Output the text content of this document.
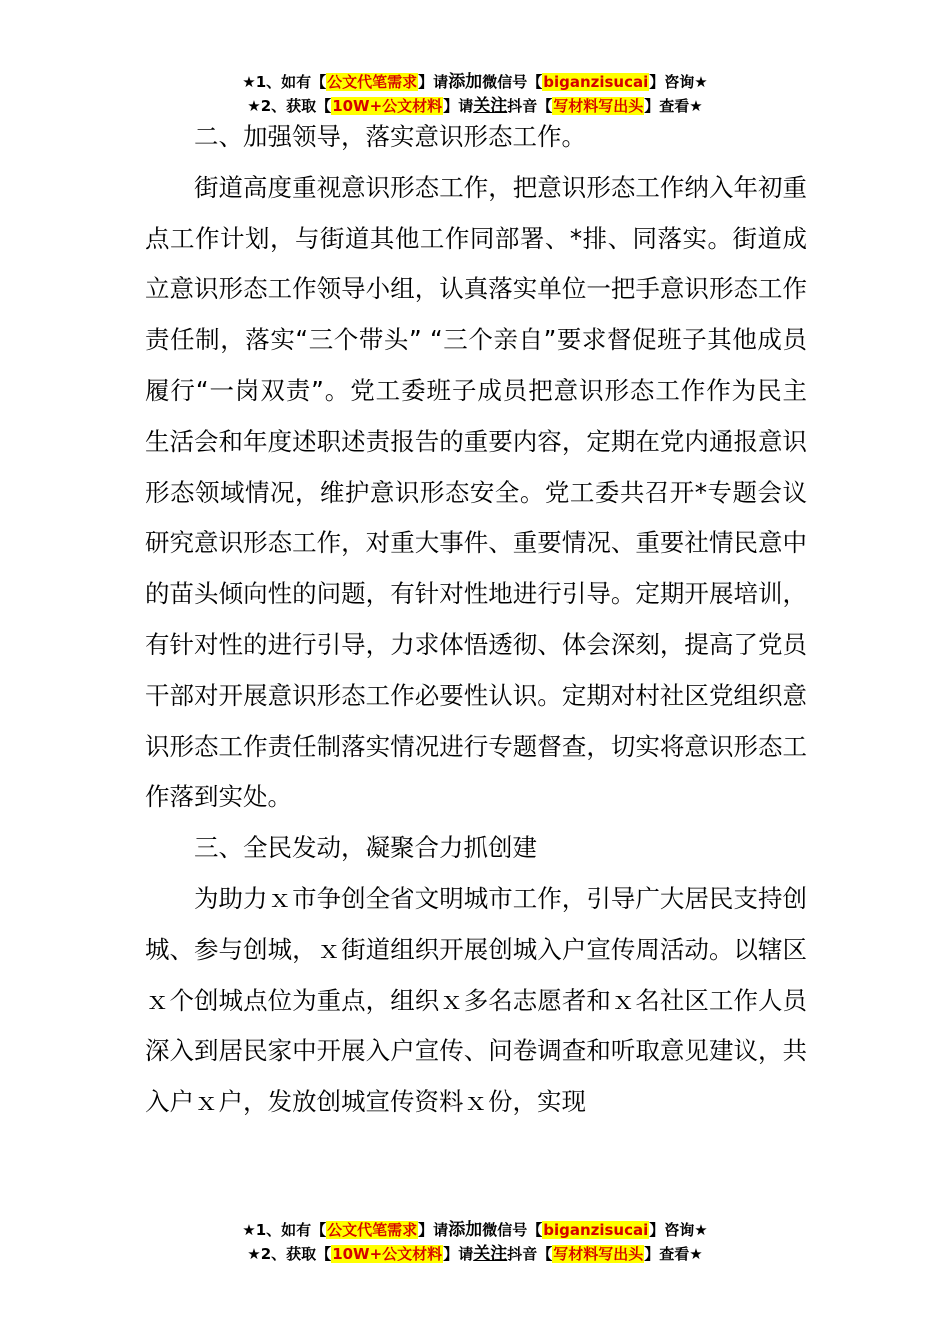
★1、如有【公文代笔需求】请添加微信号【biganzisucai】咨询★
★2、获取【10W+公文材料】请关注抖音【写材料写出头】查看★

二、加强领导，落实意识形态工作。

街道高度重视意识形态工作，把意识形态工作纳入年初重点工作计划，与街道其他工作同部署、*排、同落实。街道成立意识形态工作领导小组，认真落实单位一把手意识形态工作责任制，落实“三个带头” “三个亲自”要求督促班子其他成员履行“一岗双责”。党工委班子成员把意识形态工作作为民主生活会和年度述职述责报告的重要内容，定期在党内通报意识形态领域情况，维护意识形态安全。党工委共召开*专题会议研究意识形态工作，对重大事件、重要情况、重要社情民意中的苗头倾向性的问题，有针对性地进行引导。定期开展培训，有针对性的进行引导，力求体悟透彻、体会深刻，提高了党员干部对开展意识形态工作必要性认识。定期对村社区党组织意识形态工作责任制落实情况进行专题督查，切实将意识形态工作落到实处。

三、全民发动，凝聚合力抓创建

为助力ｘ市争创全省文明城市工作，引导广大居民支持创城、参与创城，ｘ街道组织开展创城入户宣传周活动。以辖区ｘ个创城点位为重点，组织ｘ多名志愿者和ｘ名社区工作人员深入到居民家中开展入户宣传、问卷调查和听取意见建议，共入户ｘ户，发放创城宣传资料ｘ份，实现

★1、如有【公文代笔需求】请添加微信号【biganzisucai】咨询★
★2、获取【10W+公文材料】请关注抖音【写材料写出头】查看★
